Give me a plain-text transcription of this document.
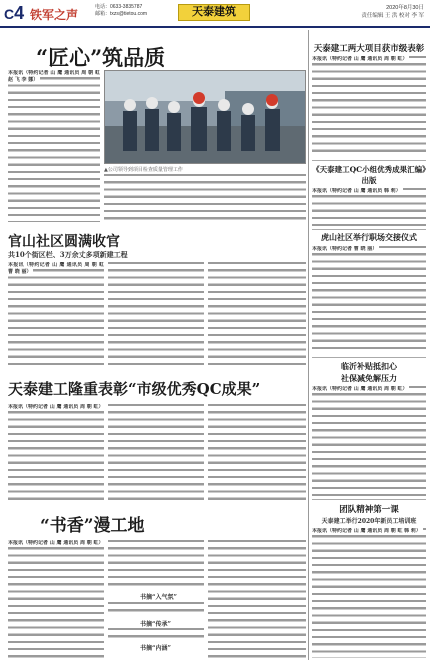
C4 铁军之声
电话：0633-3835787
邮箱：txzs@tietou.com	天泰建筑	2020年8月30日
责任编辑 王 洪 校对 李 军
“匠心”筑品质
本报讯（特约记者 山 鹰 通讯员 周 朝 虹 赵 飞 李 娜）
▲公司领导到项目检查质量管理工作
官山社区圆满收官
共10个街区栏、3万余丈多项新建工程
本报讯（特约记者 山 鹰 通讯员 周 朝 虹 曹 晓 丽）
天泰建工隆重表彰“市级优秀QC成果”
本报讯（特约记者 山 鹰 通讯员 周 朝 虹）
“书香”漫工地
本报讯（特约记者 山 鹰 通讯员 周 朝 虹）
书摘“入气氛”
书摘“传承”
书摘“内涵”
天泰建工两大项目获市级表彰
本报讯（特约记者 山 鹰 通讯员 周 朝 虹）
《天泰建工QC小组优秀成果汇编》出版
本报讯（特约记者 山 鹰 通讯员 韩 莉）
虎山社区举行职场交接仪式
本报讯（特约记者 曹 晓 丽）
临沂补贴抵扣心
社保减免解压力
本报讯（特约记者 山 鹰 通讯员 周 朝 虹）
团队精神第一课
天泰建工举行2020年新员工培训班
本报讯（特约记者 山 鹰 通讯员 周 朝 虹 韩 莉）
